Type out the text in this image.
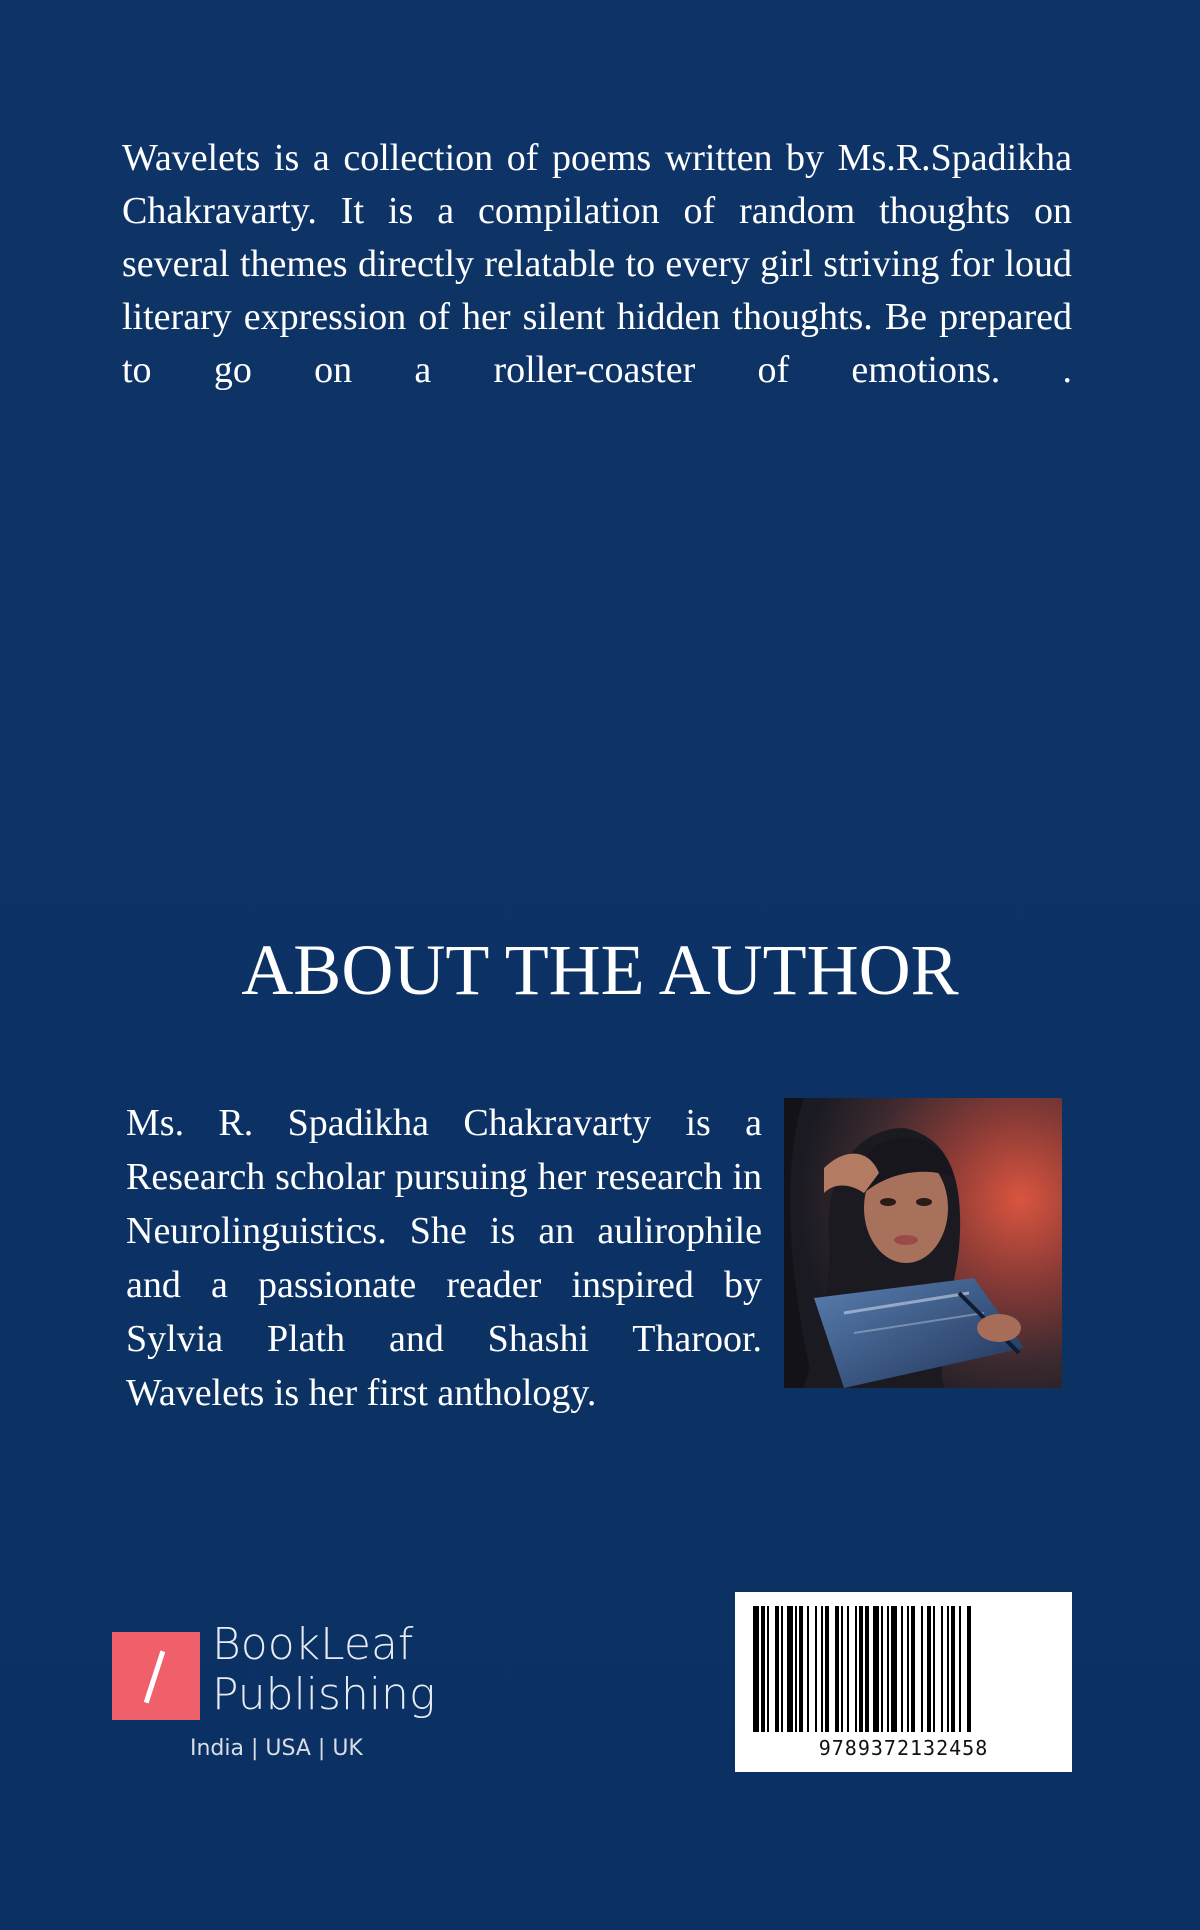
Wavelets is a collection of poems written by Ms.R.Spadikha Chakravarty. It is a compilation of random thoughts on several themes directly relatable to every girl striving for loud literary expression of her silent hidden thoughts. Be prepared to go on a roller-coaster of emotions. .
ABOUT THE AUTHOR
Ms. R. Spadikha Chakravarty is a Research scholar pursuing her research in Neurolinguistics. She is an aulirophile and a passionate reader inspired by Sylvia Plath and Shashi Tharoor. Wavelets is her first anthology.
BookLeaf
Publishing
India | USA | UK	9789372132458
